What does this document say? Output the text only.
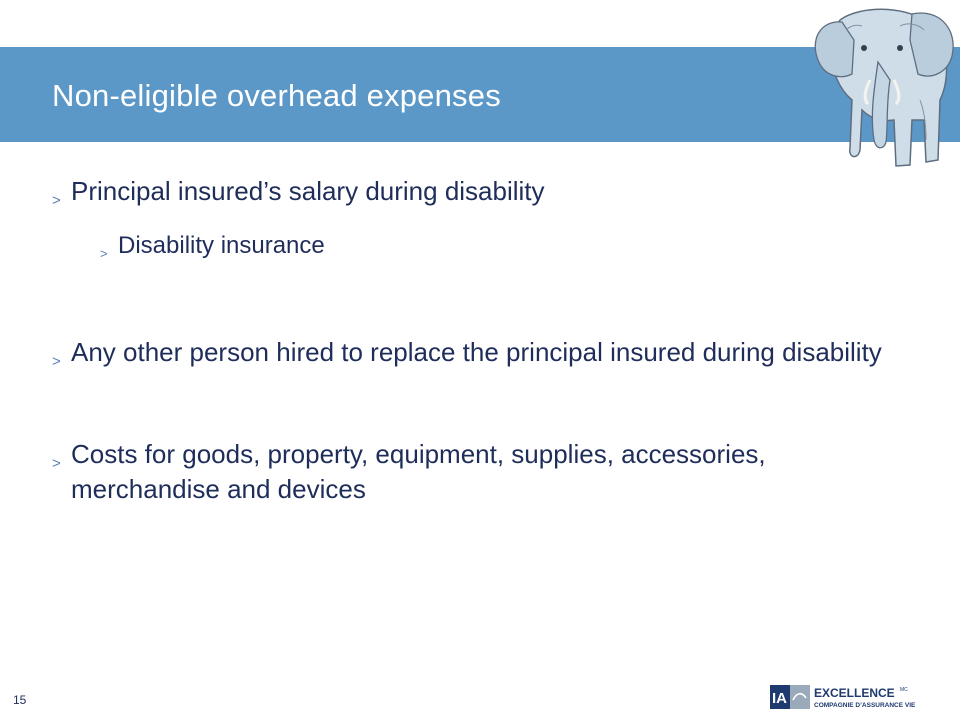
Non-eligible overhead expenses
> Principal insured’s salary during disability
> Disability insurance
> Any other person hired to replace the principal insured during disability
> Costs for goods, property, equipment, supplies, accessories, merchandise and devices
15	IA EXCELLENCE MC
COMPAGNIE D’ASSURANCE VIE
